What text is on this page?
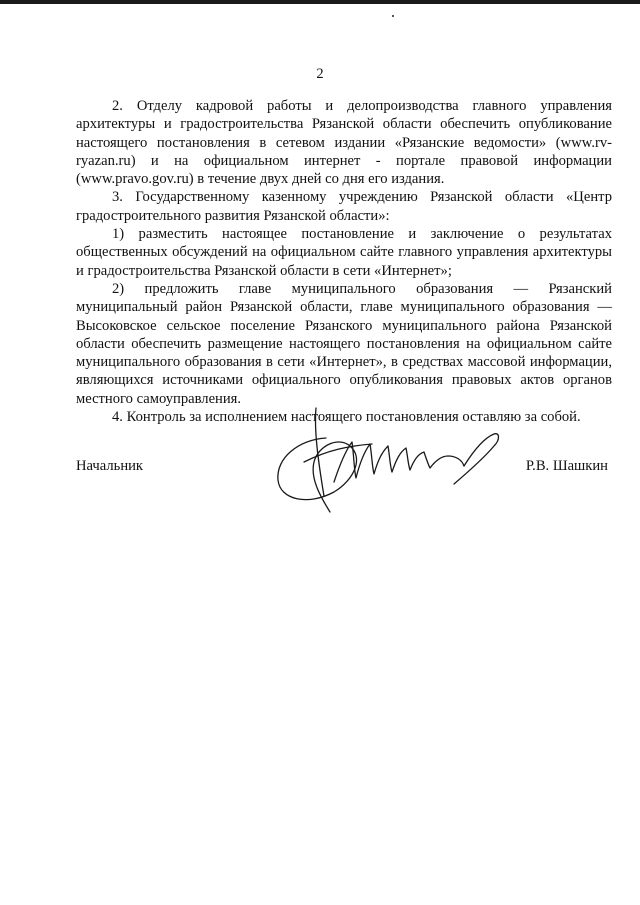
2

2. Отделу кадровой работы и делопроизводства главного управления архитектуры и градостроительства Рязанской области обеспечить опубликование настоящего постановления в сетевом издании «Рязанские ведомости» (www.rv-ryazan.ru) и на официальном интернет - портале правовой информации (www.pravo.gov.ru) в течение двух дней со дня его издания.

3. Государственному казенному учреждению Рязанской области «Центр градостроительного развития Рязанской области»:

1) разместить настоящее постановление и заключение о результатах общественных обсуждений на официальном сайте главного управления архитектуры и градостроительства Рязанской области в сети «Интернет»;

2) предложить главе муниципального образования — Рязанский муниципальный район Рязанской области, главе муниципального образования — Высоковское сельское поселение Рязанского муниципального района Рязанской области обеспечить размещение настоящего постановления на официальном сайте муниципального образования в сети «Интернет», в средствах массовой информации, являющихся источниками официального опубликования правовых актов органов местного самоуправления.

4. Контроль за исполнением настоящего постановления оставляю за собой.

Начальник	Р.В. Шашкин
